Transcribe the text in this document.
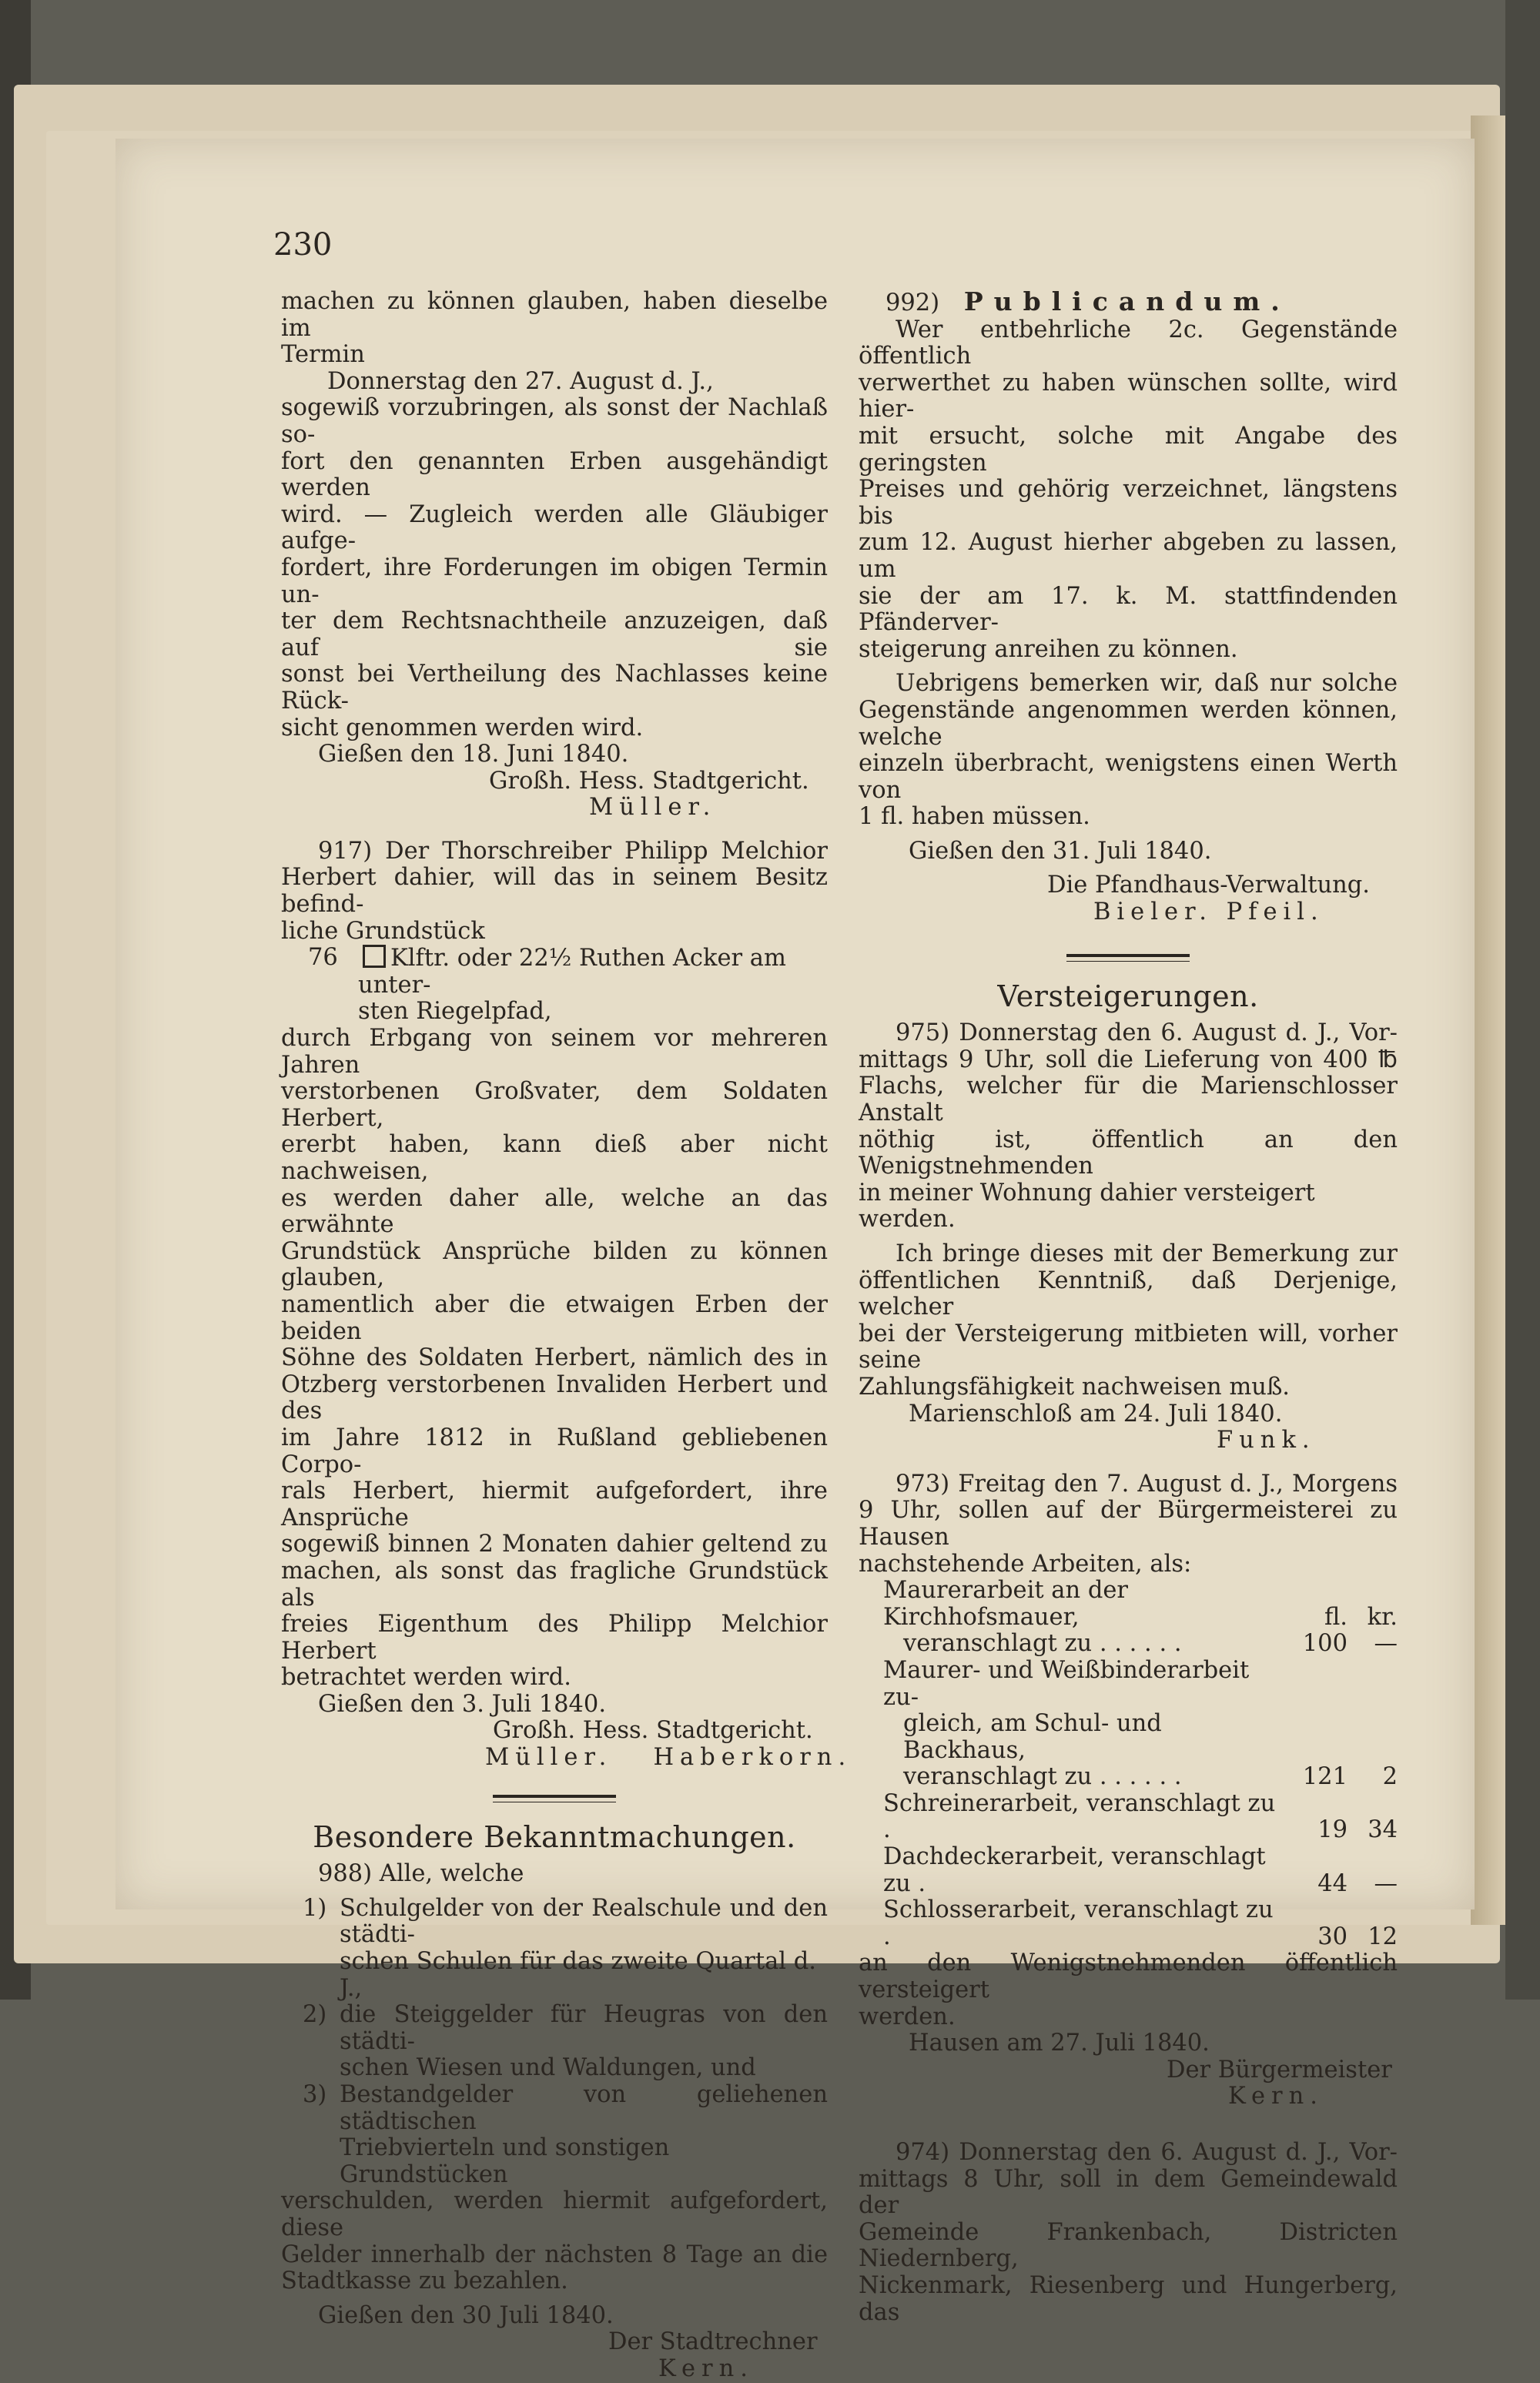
230
machen zu können glauben, haben dieselbe im
Termin
Donnerstag den 27. August d. J.,
sogewiß vorzubringen, als sonst der Nachlaß so-
fort den genannten Erben ausgehändigt werden
wird. — Zugleich werden alle Gläubiger aufge-
fordert, ihre Forderungen im obigen Termin un-
ter dem Rechtsnachtheile anzuzeigen, daß auf sie
sonst bei Vertheilung des Nachlasses keine Rück-
sicht genommen werden wird.
Gießen den 18. Juni 1840.
Großh. Hess. Stadtgericht.
Müller.
917) Der Thorschreiber Philipp Melchior
Herbert dahier, will das in seinem Besitz befind-
liche Grundstück
76	Klftr. oder 22½ Ruthen Acker am unter-
sten Riegelpfad,
durch Erbgang von seinem vor mehreren Jahren
verstorbenen Großvater, dem Soldaten Herbert,
ererbt haben, kann dieß aber nicht nachweisen,
es werden daher alle, welche an das erwähnte
Grundstück Ansprüche bilden zu können glauben,
namentlich aber die etwaigen Erben der beiden
Söhne des Soldaten Herbert, nämlich des in
Otzberg verstorbenen Invaliden Herbert und des
im Jahre 1812 in Rußland gebliebenen Corpo-
rals Herbert, hiermit aufgefordert, ihre Ansprüche
sogewiß binnen 2 Monaten dahier geltend zu
machen, als sonst das fragliche Grundstück als
freies Eigenthum des Philipp Melchior Herbert
betrachtet werden wird.
Gießen den 3. Juli 1840.
Großh. Hess. Stadtgericht.
Müller.   Haberkorn.
Besondere Bekanntmachungen.
988) Alle, welche
1) Schulgelder von der Realschule und den städti-
schen Schulen für das zweite Quartal d. J.,
2) die Steiggelder für Heugras von den städti-
schen Wiesen und Waldungen, und
3) Bestandgelder von geliehenen städtischen
Triebvierteln und sonstigen Grundstücken
verschulden, werden hiermit aufgefordert, diese
Gelder innerhalb der nächsten 8 Tage an die
Stadtkasse zu bezahlen.
Gießen den 30 Juli 1840.
Der Stadtrechner
Kern.
992) Publicandum.
Wer entbehrliche 2c. Gegenstände öffentlich
verwerthet zu haben wünschen sollte, wird hier-
mit ersucht, solche mit Angabe des geringsten
Preises und gehörig verzeichnet, längstens bis
zum 12. August hierher abgeben zu lassen, um
sie der am 17. k. M. stattfindenden Pfänderver-
steigerung anreihen zu können.
Uebrigens bemerken wir, daß nur solche
Gegenstände angenommen werden können, welche
einzeln überbracht, wenigstens einen Werth von
1 fl. haben müssen.
Gießen den 31. Juli 1840.
Die Pfandhaus-Verwaltung.
Bieler. Pfeil.
Versteigerungen.
975) Donnerstag den 6. August d. J., Vor-
mittags 9 Uhr, soll die Lieferung von 400 ℔
Flachs, welcher für die Marienschlosser Anstalt
nöthig ist, öffentlich an den Wenigstnehmenden
in meiner Wohnung dahier versteigert werden.
Ich bringe dieses mit der Bemerkung zur
öffentlichen Kenntniß, daß Derjenige, welcher
bei der Versteigerung mitbieten will, vorher seine
Zahlungsfähigkeit nachweisen muß.
Marienschloß am 24. Juli 1840.
Funk.
973) Freitag den 7. August d. J., Morgens
9 Uhr, sollen auf der Bürgermeisterei zu Hausen
nachstehende Arbeiten, als:
Maurerarbeit an der Kirchhofsmauer,	fl.	kr.
veranschlagt zu . . . . . .	100	—
Maurer- und Weißbinderarbeit zu-		
gleich, am Schul- und Backhaus,		
veranschlagt zu . . . . . .	121	2
Schreinerarbeit, veranschlagt zu .	19	34
Dachdeckerarbeit, veranschlagt zu .	44	—
Schlosserarbeit, veranschlagt zu .	30	12
an den Wenigstnehmenden öffentlich versteigert
werden.
Hausen am 27. Juli 1840.
Der Bürgermeister
Kern.
974) Donnerstag den 6. August d. J., Vor-
mittags 8 Uhr, soll in dem Gemeindewald der
Gemeinde Frankenbach, Districten Niedernberg,
Nickenmark, Riesenberg und Hungerberg, das
